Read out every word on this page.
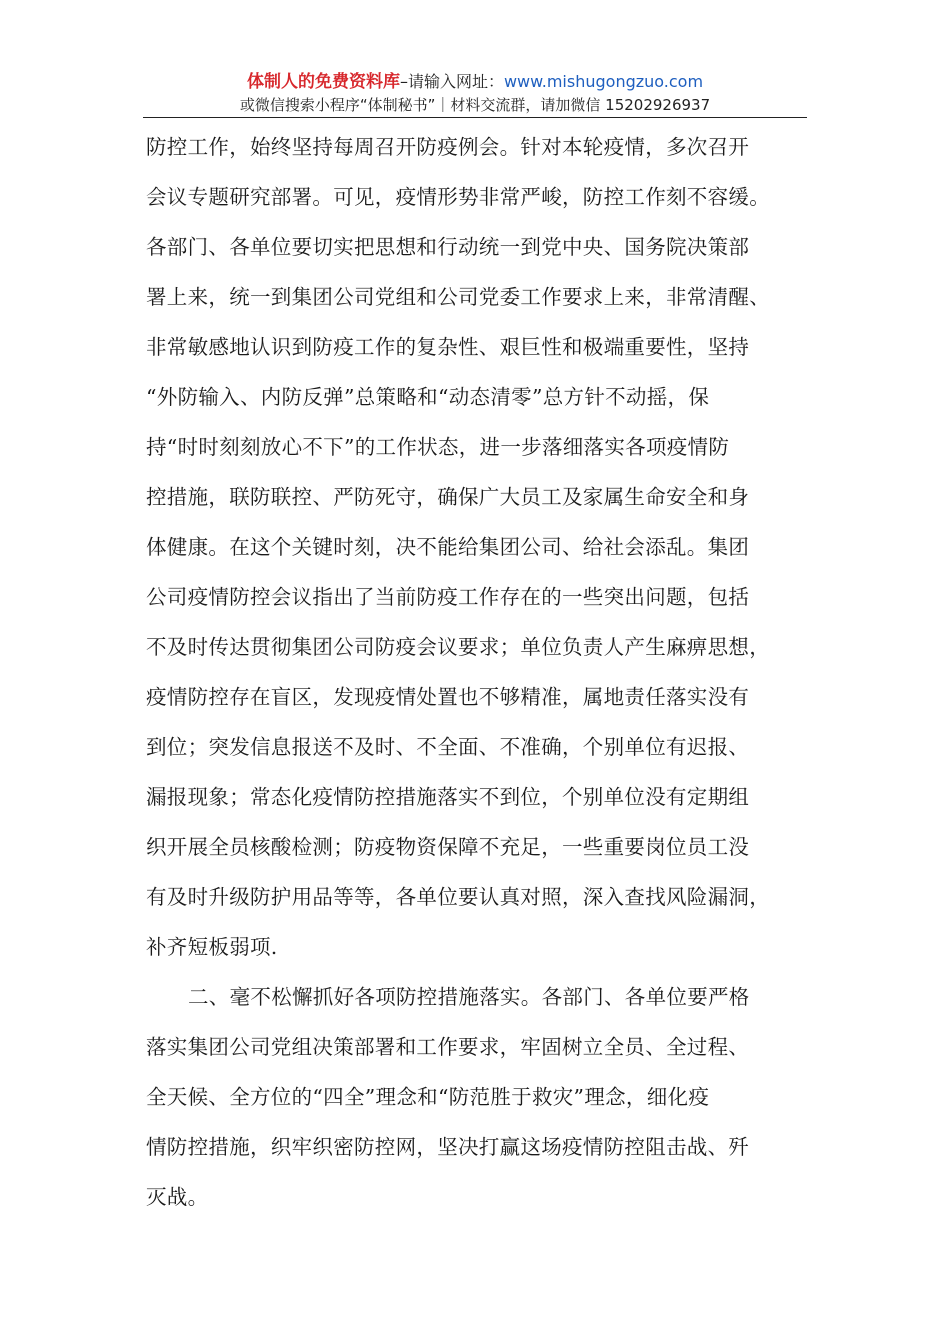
体制人的免费资料库–请输入网址：www.mishugongzuo.com
或微信搜索小程序“体制秘书”｜材料交流群，请加微信 15202926937
防控工作，始终坚持每周召开防疫例会。针对本轮疫情，多次召开
会议专题研究部署。可见，疫情形势非常严峻，防控工作刻不容缓。
各部门、各单位要切实把思想和行动统一到党中央、国务院决策部
署上来，统一到集团公司党组和公司党委工作要求上来，非常清醒、
非常敏感地认识到防疫工作的复杂性、艰巨性和极端重要性，坚持
“外防输入、内防反弹”总策略和“动态清零”总方针不动摇，保
持“时时刻刻放心不下”的工作状态，进一步落细落实各项疫情防
控措施，联防联控、严防死守，确保广大员工及家属生命安全和身
体健康。在这个关键时刻，决不能给集团公司、给社会添乱。集团
公司疫情防控会议指出了当前防疫工作存在的一些突出问题，包括
不及时传达贯彻集团公司防疫会议要求；单位负责人产生麻痹思想，
疫情防控存在盲区，发现疫情处置也不够精准，属地责任落实没有
到位；突发信息报送不及时、不全面、不准确，个别单位有迟报、
漏报现象；常态化疫情防控措施落实不到位，个别单位没有定期组
织开展全员核酸检测；防疫物资保障不充足，一些重要岗位员工没
有及时升级防护用品等等，各单位要认真对照，深入查找风险漏洞，
补齐短板弱项.
二、毫不松懈抓好各项防控措施落实。各部门、各单位要严格
落实集团公司党组决策部署和工作要求，牢固树立全员、全过程、
全天候、全方位的“四全”理念和“防范胜于救灾”理念，细化疫
情防控措施，织牢织密防控网，坚决打赢这场疫情防控阻击战、歼
灭战。
